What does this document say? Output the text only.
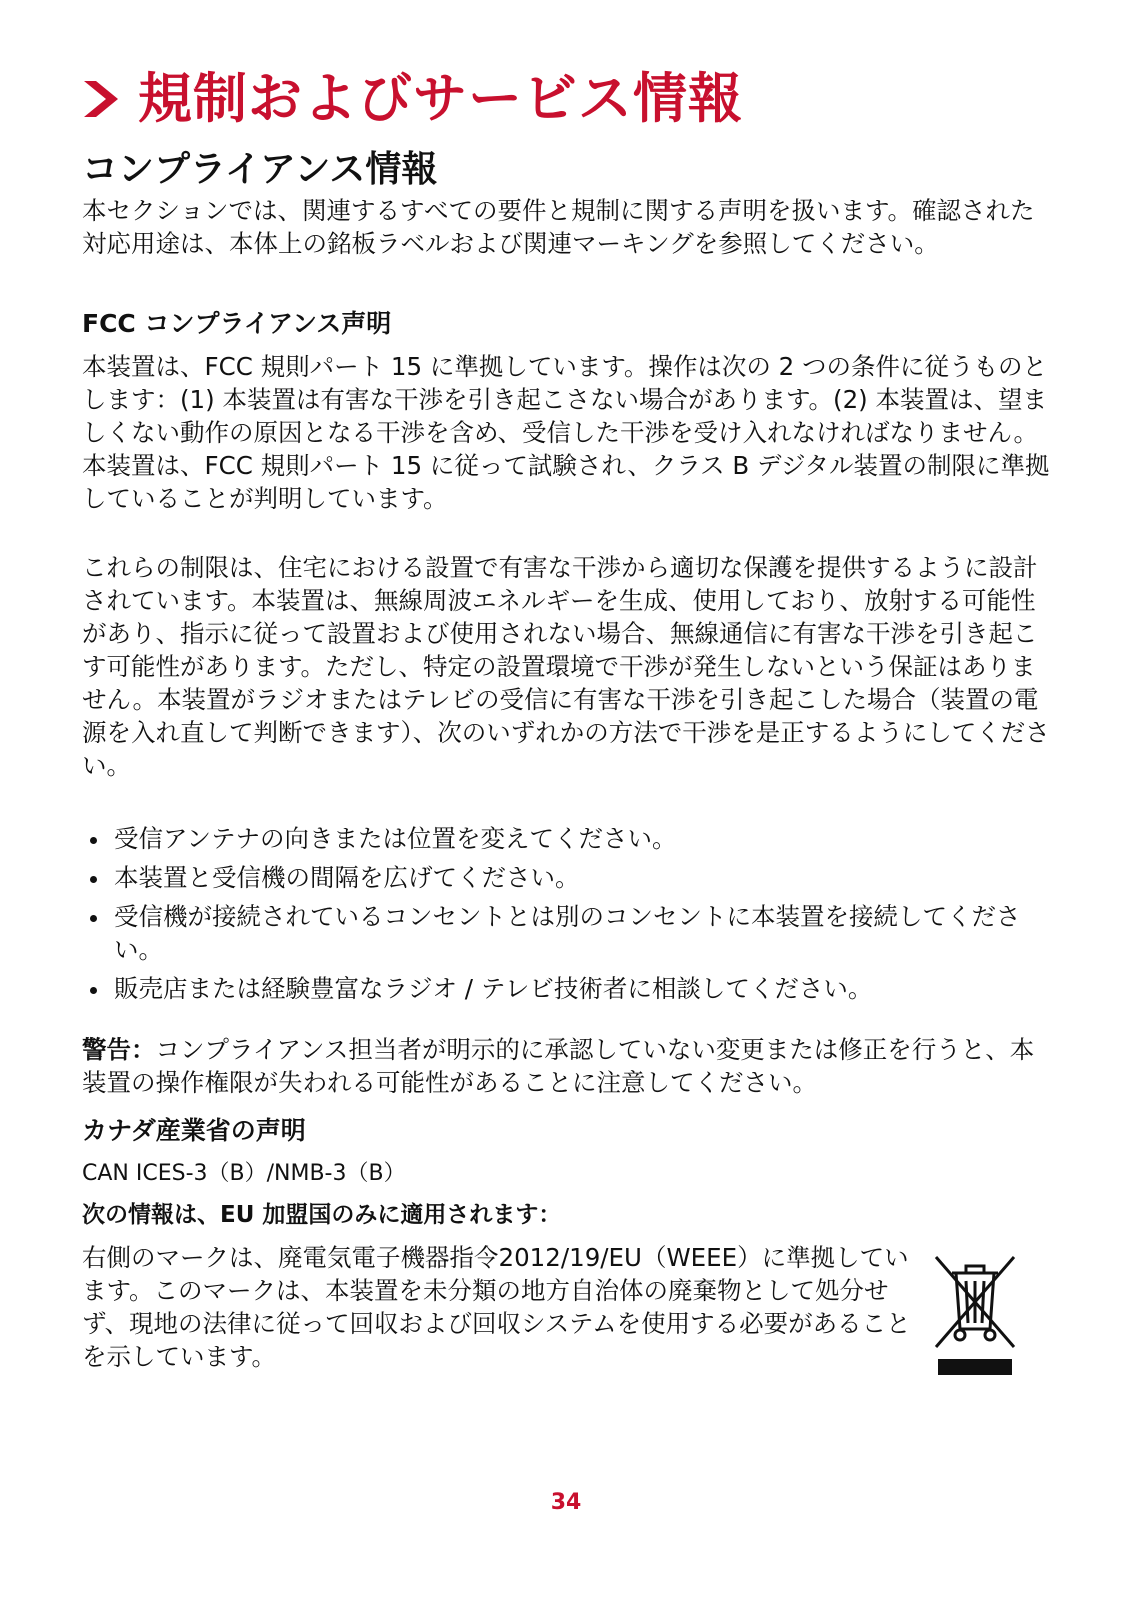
規制およびサービス情報
コンプライアンス情報

本セクションでは、関連するすべての要件と規制に関する声明を扱います。確認された対応用途は、本体上の銘板ラベルおよび関連マーキングを参照してください。

FCC コンプライアンス声明

本装置は、FCC 規則パート 15 に準拠しています。操作は次の 2 つの条件に従うものとします：(1) 本装置は有害な干渉を引き起こさない場合があります。(2) 本装置は、望ましくない動作の原因となる干渉を含め、受信した干渉を受け入れなければなりません。本装置は、FCC 規則パート 15 に従って試験され、クラス B デジタル装置の制限に準拠していることが判明しています。

これらの制限は、住宅における設置で有害な干渉から適切な保護を提供するように設計されています。本装置は、無線周波エネルギーを生成、使用しており、放射する可能性があり、指示に従って設置および使用されない場合、無線通信に有害な干渉を引き起こす可能性があります。ただし、特定の設置環境で干渉が発生しないという保証はありません。本装置がラジオまたはテレビの受信に有害な干渉を引き起こした場合（装置の電源を入れ直して判断できます）、次のいずれかの方法で干渉を是正するようにしてください。

受信アンテナの向きまたは位置を変えてください。
本装置と受信機の間隔を広げてください。
受信機が接続されているコンセントとは別のコンセントに本装置を接続してください。
販売店または経験豊富なラジオ / テレビ技術者に相談してください。

警告：コンプライアンス担当者が明示的に承認していない変更または修正を行うと、本装置の操作権限が失われる可能性があることに注意してください。

カナダ産業省の声明
CAN ICES-3（B）/NMB-3（B）
次の情報は、EU 加盟国のみに適用されます：

右側のマークは、廃電気電子機器指令2012/19/EU（WEEE）に準拠しています。このマークは、本装置を未分類の地方自治体の廃棄物として処分せず、現地の法律に従って回収および回収システムを使用する必要があることを示しています。

34
